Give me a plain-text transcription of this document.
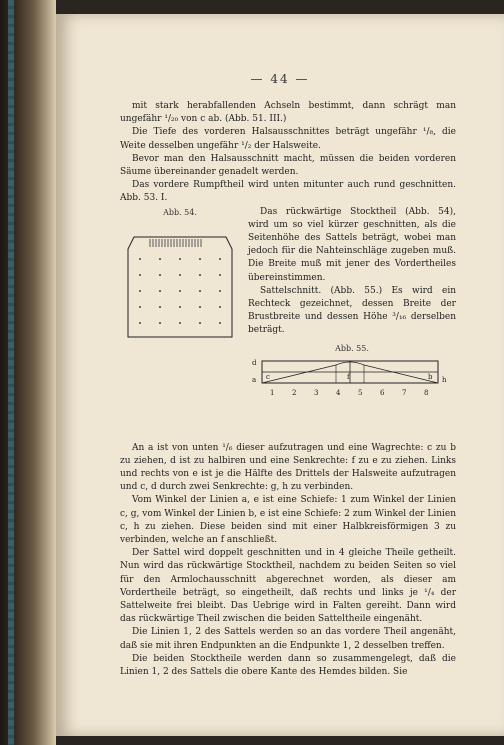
— 44 —

mit stark herabfallenden Achseln bestimmt, dann schrägt man ungefähr ¹/₂₀ von c ab. (Abb. 51. III.)

Die Tiefe des vorderen Halsausschnittes beträgt ungefähr ¹/₈, die Weite desselben ungefähr ¹/₂ der Halsweite.

Bevor man den Halsausschnitt macht, müssen die beiden vorderen Säume übereinander genadelt werden.

Das vordere Rumpftheil wird unten mitunter auch rund geschnitten. Abb. 53. I.

Abb. 54.	Das rückwärtige Stocktheil (Abb. 54), wird um so viel kürzer geschnitten, als die Seitenhöhe des Sattels beträgt, wobei man jedoch für die Nahteinschläge zugeben muß. Die Breite muß mit jener des Vordertheiles übereinstimmen.

Sattelschnitt. (Abb. 55.) Es wird ein Rechteck gezeichnet, dessen Breite der Brustbreite und dessen Höhe ³/₁₆ derselben beträgt.

Abb. 55.
a
d
c	f	b h
1	2	3	4	5	6	7	8

An a ist von unten ¹/₆ dieser aufzutragen und eine Wagrechte: c zu b zu ziehen, d ist zu halbiren und eine Senkrechte: f zu e zu ziehen. Links und rechts von e ist je die Hälfte des Drittels der Halsweite aufzutragen und c, d durch zwei Senkrechte: g, h zu verbinden.

Vom Winkel der Linien a, e ist eine Schiefe: 1 zum Winkel der Linien c, g, vom Winkel der Linien b, e ist eine Schiefe: 2 zum Winkel der Linien c, h zu ziehen. Diese beiden sind mit einer Halbkreisförmigen 3 zu verbinden, welche an f anschließt.

Der Sattel wird doppelt geschnitten und in 4 gleiche Theile getheilt. Nun wird das rückwärtige Stocktheil, nachdem zu beiden Seiten so viel für den Armlochausschnitt abgerechnet worden, als dieser am Vordertheile beträgt, so eingetheilt, daß rechts und links je ¹/₄ der Sattelweite frei bleibt. Das Uebrige wird in Falten gereiht. Dann wird das rückwärtige Theil zwischen die beiden Satteltheile eingenäht.

Die Linien 1, 2 des Sattels werden so an das vordere Theil angenäht, daß sie mit ihren Endpunkten an die Endpunkte 1, 2 desselben treffen.

Die beiden Stocktheile werden dann so zusammengelegt, daß die Linien 1, 2 des Sattels die obere Kante des Hemdes bilden. Sie
